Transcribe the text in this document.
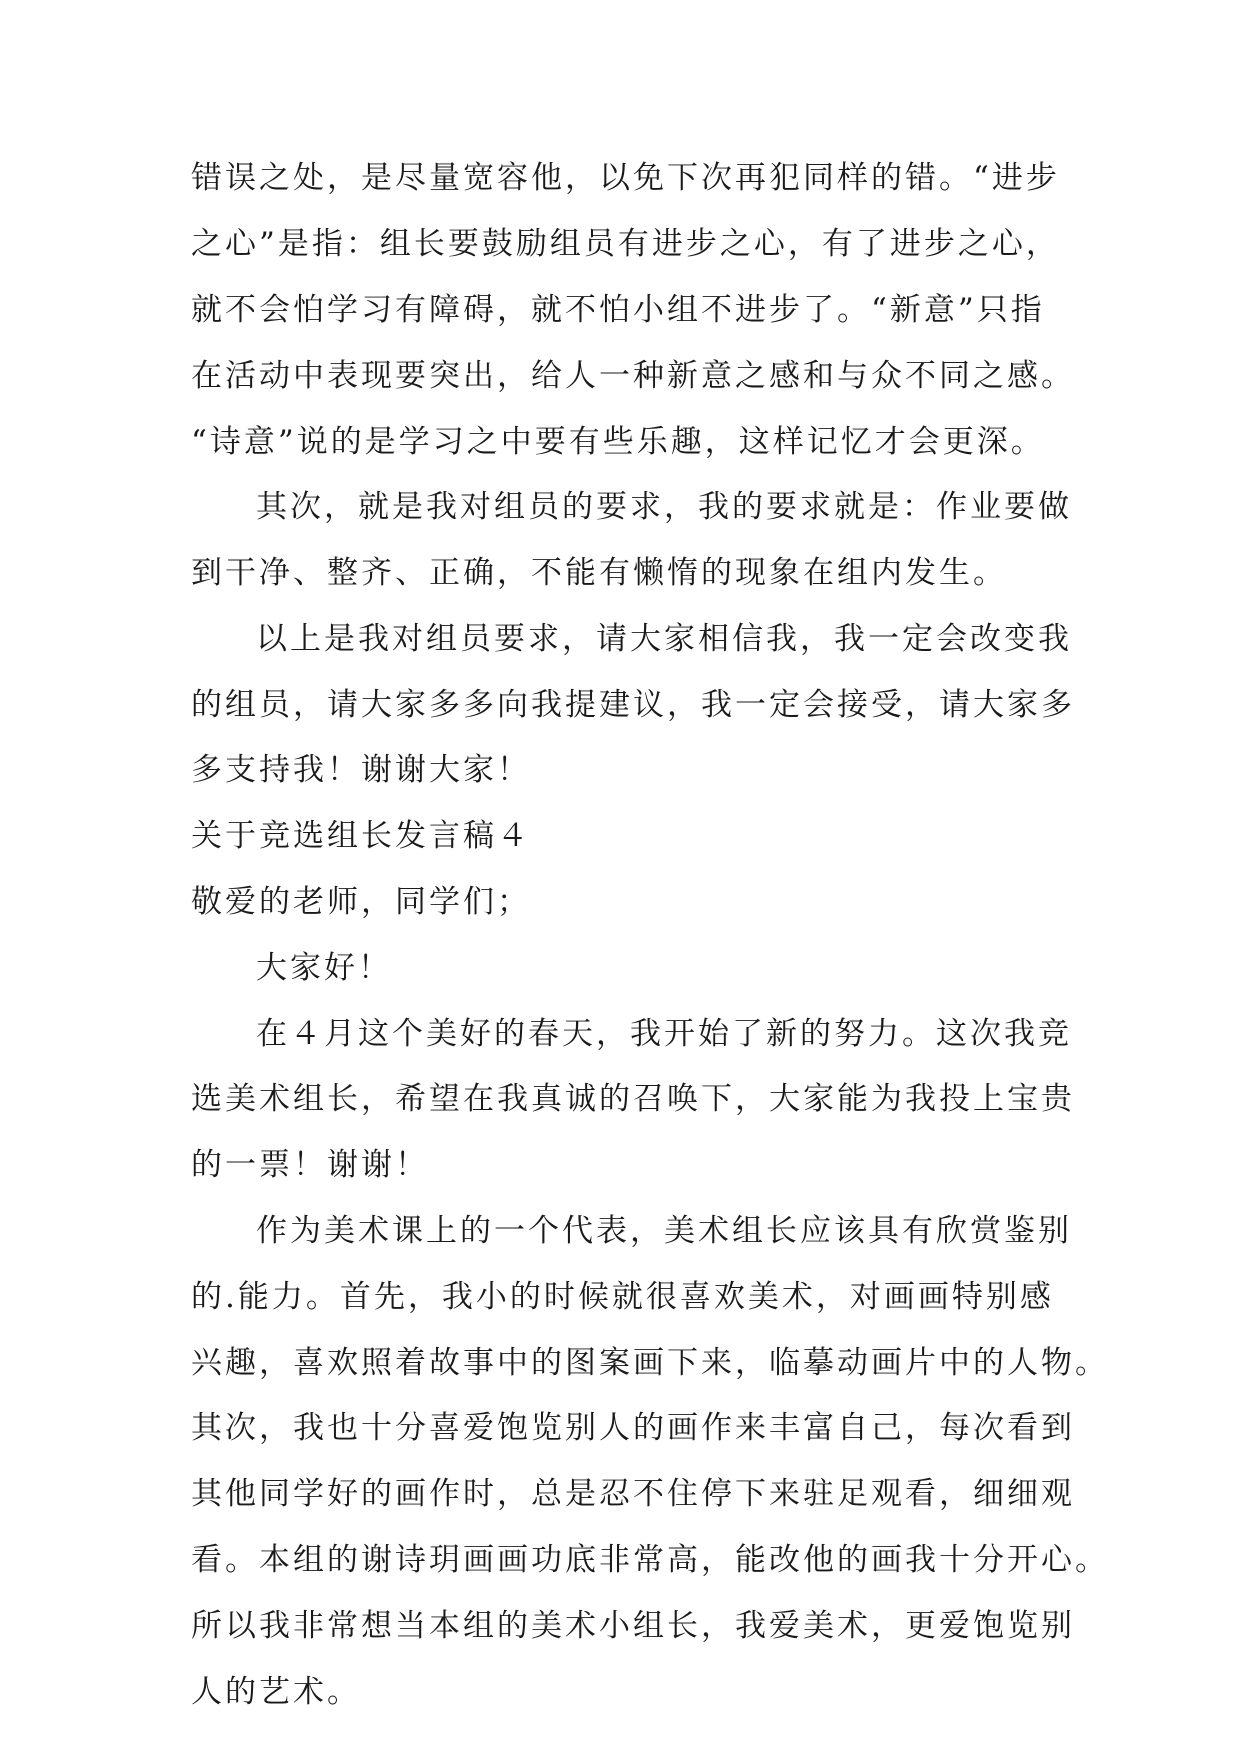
错误之处，是尽量宽容他，以免下次再犯同样的错。“进步
之心”是指：组长要鼓励组员有进步之心，有了进步之心，
就不会怕学习有障碍，就不怕小组不进步了。“新意”只指
在活动中表现要突出，给人一种新意之感和与众不同之感。
“诗意”说的是学习之中要有些乐趣，这样记忆才会更深。
其次，就是我对组员的要求，我的要求就是：作业要做
到干净、整齐、正确，不能有懒惰的现象在组内发生。
以上是我对组员要求，请大家相信我，我一定会改变我
的组员，请大家多多向我提建议，我一定会接受，请大家多
多支持我！谢谢大家！
关于竞选组长发言稿４
敬爱的老师，同学们；
大家好！
在４月这个美好的春天，我开始了新的努力。这次我竞
选美术组长，希望在我真诚的召唤下，大家能为我投上宝贵
的一票！谢谢！
作为美术课上的一个代表，美术组长应该具有欣赏鉴别
的.能力。首先，我小的时候就很喜欢美术，对画画特别感
兴趣，喜欢照着故事中的图案画下来，临摹动画片中的人物。
其次，我也十分喜爱饱览别人的画作来丰富自己，每次看到
其他同学好的画作时，总是忍不住停下来驻足观看，细细观
看。本组的谢诗玥画画功底非常高，能改他的画我十分开心。
所以我非常想当本组的美术小组长，我爱美术，更爱饱览别
人的艺术。
